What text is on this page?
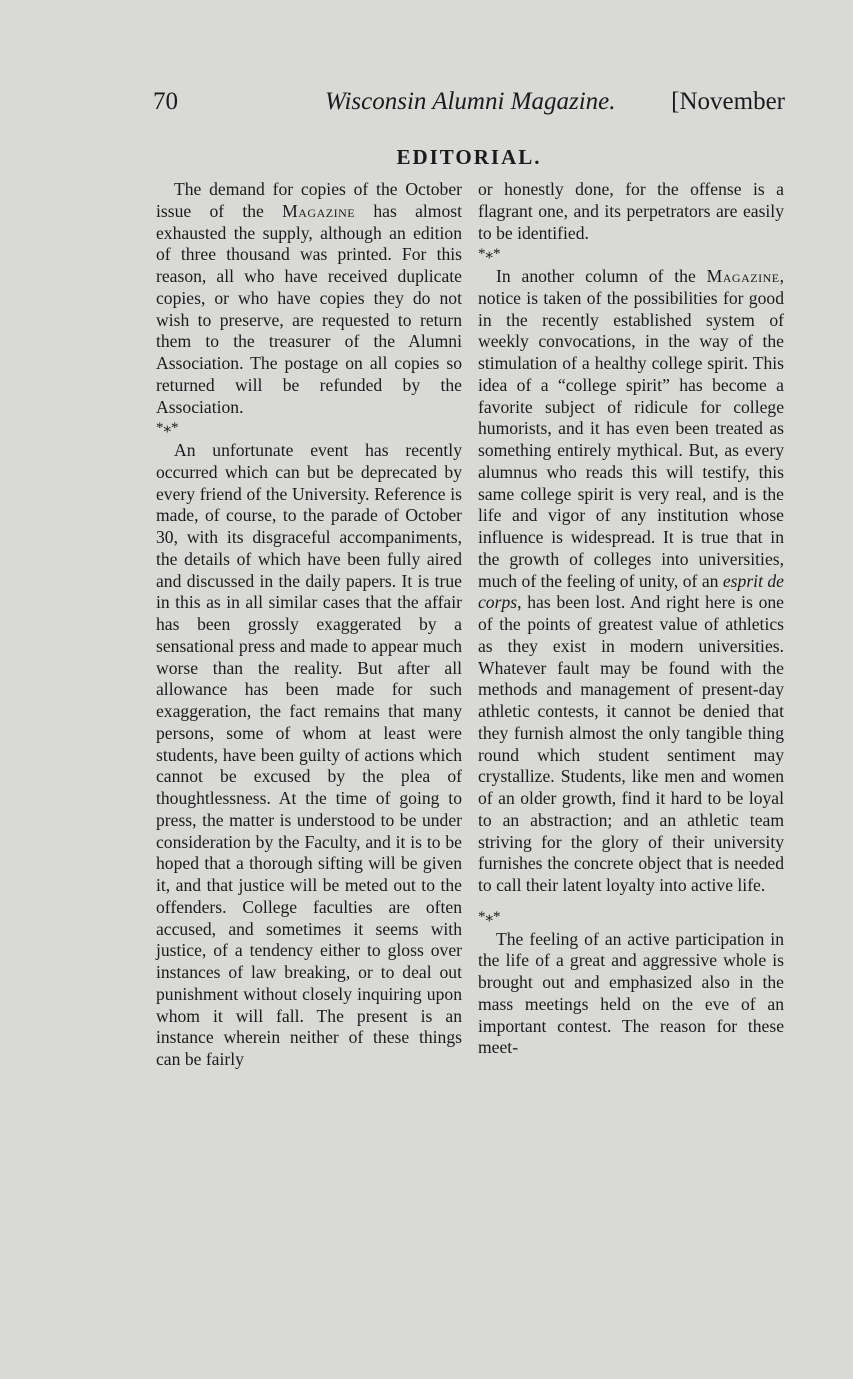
70	Wisconsin Alumni Magazine. [November
EDITORIAL.

The demand for copies of the October issue of the Magazine has almost exhausted the supply, although an edition of three thousand was printed. For this reason, all who have received duplicate copies, or who have copies they do not wish to preserve, are requested to return them to the treasurer of the Alumni Association. The postage on all copies so returned will be refunded by the Association.

*⁎*

An unfortunate event has recently occurred which can but be deprecated by every friend of the University. Reference is made, of course, to the parade of October 30, with its disgraceful accompaniments, the details of which have been fully aired and discussed in the daily papers. It is true in this as in all similar cases that the affair has been grossly exaggerated by a sensational press and made to appear much worse than the reality. But after all allowance has been made for such exaggeration, the fact remains that many persons, some of whom at least were students, have been guilty of actions which cannot be excused by the plea of thoughtlessness. At the time of going to press, the matter is understood to be under consideration by the Faculty, and it is to be hoped that a thorough sifting will be given it, and that justice will be meted out to the offenders. College faculties are often accused, and sometimes it seems with justice, of a tendency either to gloss over instances of law breaking, or to deal out punishment without closely inquiring upon whom it will fall. The present is an instance wherein neither of these things can be fairly

or honestly done, for the offense is a flagrant one, and its perpetrators are easily to be identified.

*⁎*

In another column of the Magazine, notice is taken of the possibilities for good in the recently established system of weekly convocations, in the way of the stimulation of a healthy college spirit. This idea of a “college spirit” has become a favorite subject of ridicule for college humorists, and it has even been treated as something entirely mythical. But, as every alumnus who reads this will testify, this same college spirit is very real, and is the life and vigor of any institution whose influence is widespread. It is true that in the growth of colleges into universities, much of the feeling of unity, of an esprit de corps, has been lost. And right here is one of the points of greatest value of athletics as they exist in modern universities. Whatever fault may be found with the methods and management of present-day athletic contests, it cannot be denied that they furnish almost the only tangible thing round which student sentiment may crystallize. Students, like men and women of an older growth, find it hard to be loyal to an abstraction; and an athletic team striving for the glory of their university furnishes the concrete object that is needed to call their latent loyalty into active life.

*⁎*

The feeling of an active participation in the life of a great and aggressive whole is brought out and emphasized also in the mass meetings held on the eve of an important contest. The reason for these meet-
